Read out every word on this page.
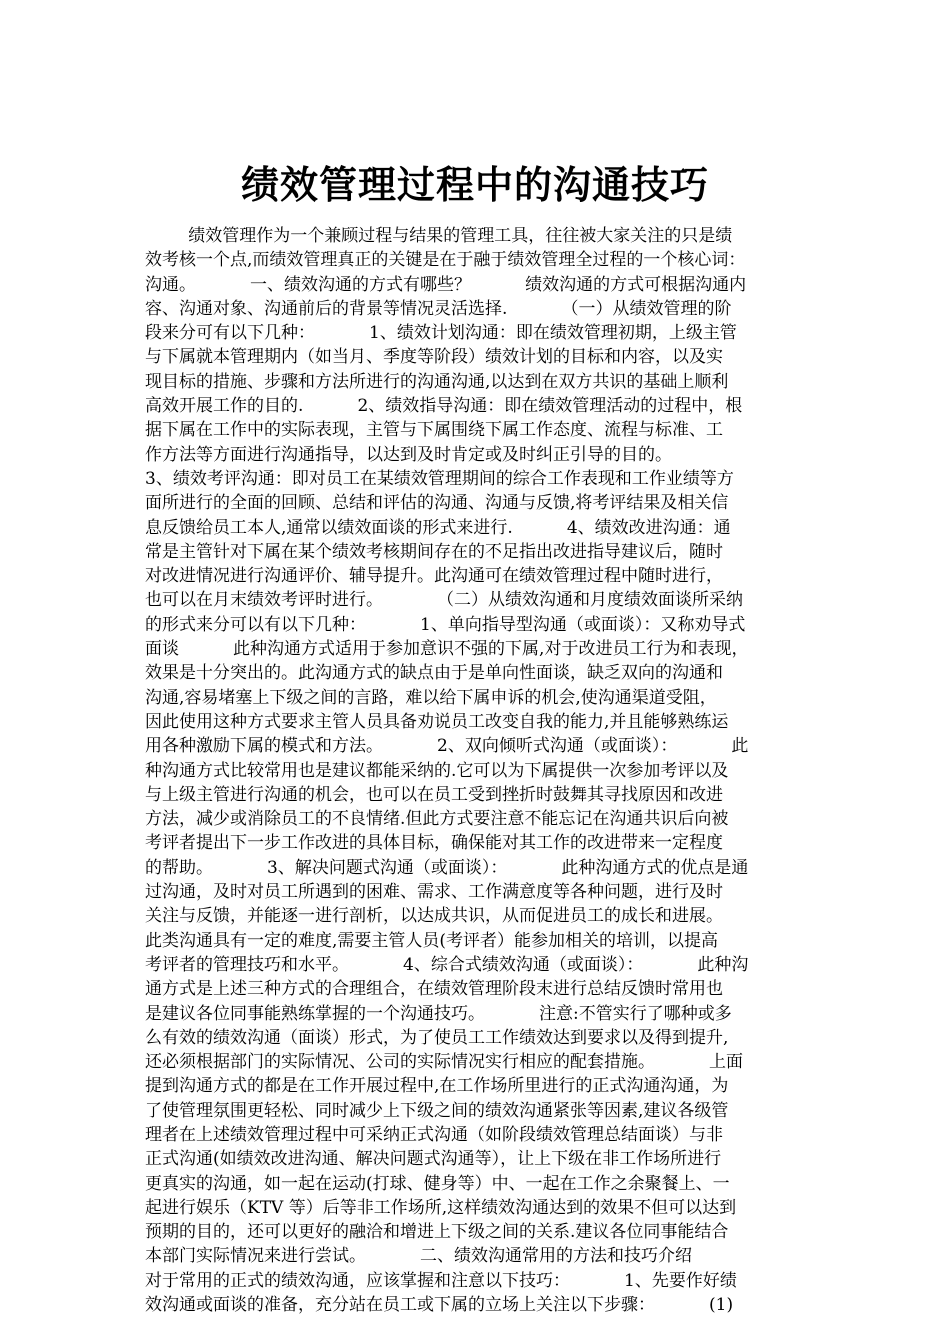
绩效管理过程中的沟通技巧
绩效管理作为一个兼顾过程与结果的管理工具，往往被大家关注的只是绩
效考核一个点,而绩效管理真正的关键是在于融于绩效管理全过程的一个核心词：
沟通。          一、绩效沟通的方式有哪些？          绩效沟通的方式可根据沟通内
容、沟通对象、沟通前后的背景等情况灵活选择.          （一）从绩效管理的阶
段来分可有以下几种：          1、绩效计划沟通：即在绩效管理初期，上级主管
与下属就本管理期内（如当月、季度等阶段）绩效计划的目标和内容，以及实
现目标的措施、步骤和方法所进行的沟通沟通,以达到在双方共识的基础上顺利
高效开展工作的目的.          2、绩效指导沟通：即在绩效管理活动的过程中，根
据下属在工作中的实际表现，主管与下属围绕下属工作态度、流程与标准、工
作方法等方面进行沟通指导，以达到及时肯定或及时纠正引导的目的。
3、绩效考评沟通：即对员工在某绩效管理期间的综合工作表现和工作业绩等方
面所进行的全面的回顾、总结和评估的沟通、沟通与反馈,将考评结果及相关信
息反馈给员工本人,通常以绩效面谈的形式来进行.          4、绩效改进沟通：通
常是主管针对下属在某个绩效考核期间存在的不足指出改进指导建议后，随时
对改进情况进行沟通评价、辅导提升。此沟通可在绩效管理过程中随时进行，
也可以在月末绩效考评时进行。          （二）从绩效沟通和月度绩效面谈所采纳
的形式来分可以有以下几种：          1、单向指导型沟通（或面谈）：又称劝导式
面谈          此种沟通方式适用于参加意识不强的下属,对于改进员工行为和表现，
效果是十分突出的。此沟通方式的缺点由于是单向性面谈，缺乏双向的沟通和
沟通,容易堵塞上下级之间的言路，难以给下属申诉的机会,使沟通渠道受阻，
因此使用这种方式要求主管人员具备劝说员工改变自我的能力,并且能够熟练运
用各种激励下属的模式和方法。          2、双向倾听式沟通（或面谈）：          此
种沟通方式比较常用也是建议都能采纳的.它可以为下属提供一次参加考评以及
与上级主管进行沟通的机会，也可以在员工受到挫折时鼓舞其寻找原因和改进
方法，减少或消除员工的不良情绪.但此方式要注意不能忘记在沟通共识后向被
考评者提出下一步工作改进的具体目标，确保能对其工作的改进带来一定程度
的帮助。          3、解决问题式沟通（或面谈）：          此种沟通方式的优点是通
过沟通，及时对员工所遇到的困难、需求、工作满意度等各种问题，进行及时
关注与反馈，并能逐一进行剖析，以达成共识，从而促进员工的成长和进展。
此类沟通具有一定的难度,需要主管人员(考评者）能参加相关的培训，以提高
考评者的管理技巧和水平。          4、综合式绩效沟通（或面谈）：          此种沟
通方式是上述三种方式的合理组合，在绩效管理阶段末进行总结反馈时常用也
是建议各位同事能熟练掌握的一个沟通技巧。          注意:不管实行了哪种或多
么有效的绩效沟通（面谈）形式，为了使员工工作绩效达到要求以及得到提升,
还必须根据部门的实际情况、公司的实际情况实行相应的配套措施。          上面
提到沟通方式的都是在工作开展过程中,在工作场所里进行的正式沟通沟通，为
了使管理氛围更轻松、同时减少上下级之间的绩效沟通紧张等因素,建议各级管
理者在上述绩效管理过程中可采纳正式沟通（如阶段绩效管理总结面谈）与非
正式沟通(如绩效改进沟通、解决问题式沟通等），让上下级在非工作场所进行
更真实的沟通，如一起在运动(打球、健身等）中、一起在工作之余聚餐上、一
起进行娱乐（KTV 等）后等非工作场所,这样绩效沟通达到的效果不但可以达到
预期的目的，还可以更好的融洽和增进上下级之间的关系.建议各位同事能结合
本部门实际情况来进行尝试。          二、绩效沟通常用的方法和技巧介绍
对于常用的正式的绩效沟通，应该掌握和注意以下技巧：          1、先要作好绩
效沟通或面谈的准备，充分站在员工或下属的立场上关注以下步骤：          (1)
